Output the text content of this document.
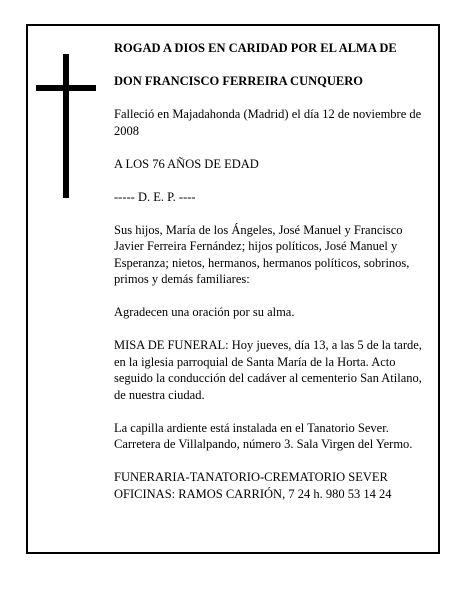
ROGAD A DIOS EN CARIDAD POR EL ALMA DE

DON FRANCISCO FERREIRA CUNQUERO

Falleció en Majadahonda (Madrid) el día 12 de noviembre de 2008

A LOS 76 AÑOS DE EDAD

----- D. E. P. ----

Sus hijos, María de los Ángeles, José Manuel y Francisco Javier Ferreira Fernández; hijos políticos, José Manuel y Esperanza; nietos, hermanos, hermanos políticos, sobrinos, primos y demás familiares:

Agradecen una oración por su alma.

MISA DE FUNERAL: Hoy jueves, día 13, a las 5 de la tarde, en la iglesia parroquial de Santa María de la Horta. Acto seguido la conducción del cadáver al cementerio San Atilano, de nuestra ciudad.

La capilla ardiente está instalada en el Tanatorio Sever. Carretera de Villalpando, número 3. Sala Virgen del Yermo.

FUNERARIA-TANATORIO-CREMATORIO SEVER

OFICINAS: RAMOS CARRIÓN, 7 24 h. 980 53 14 24
